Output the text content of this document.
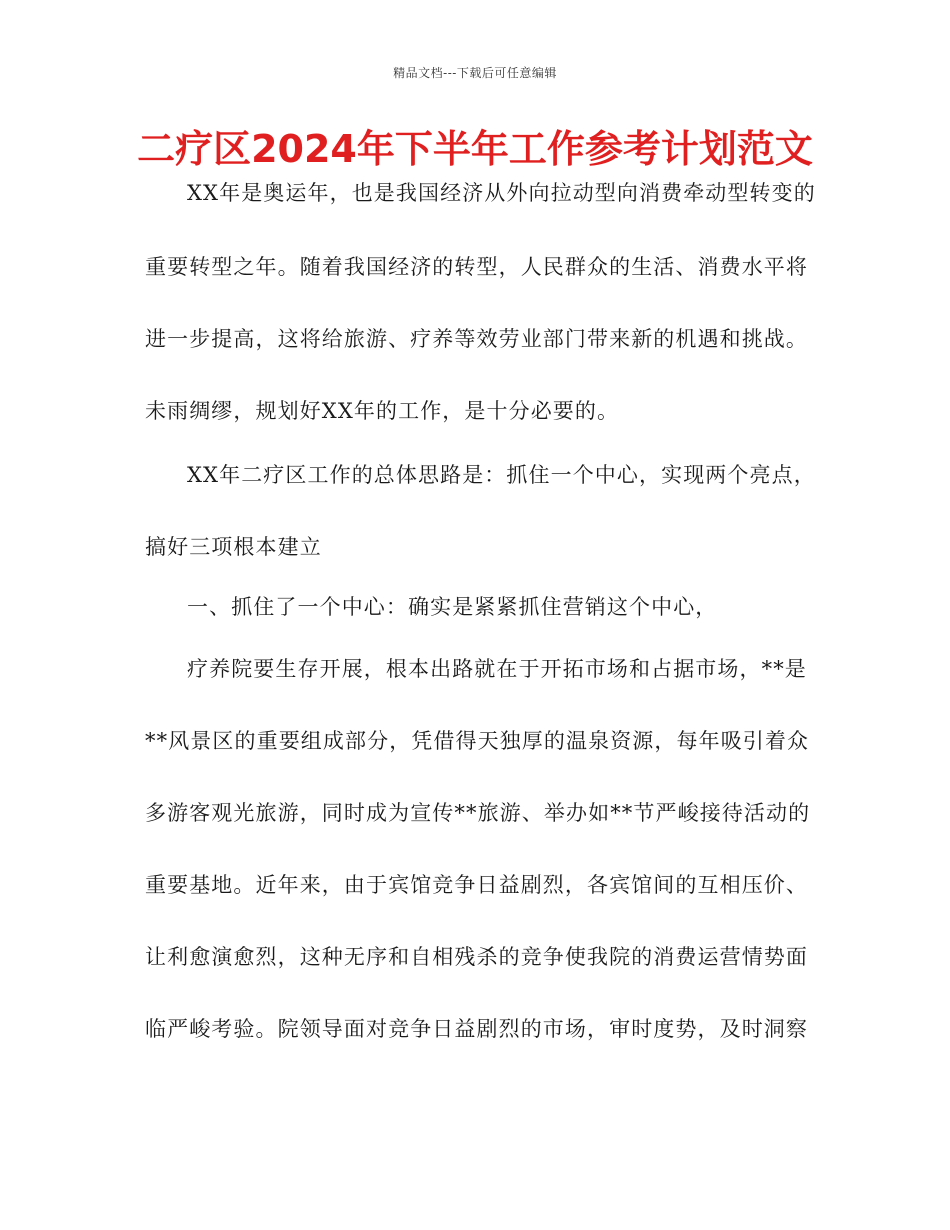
精品文档---下载后可任意编辑
二疗区2024年下半年工作参考计划范文
XX年是奥运年，也是我国经济从外向拉动型向消费牵动型转变的
重要转型之年。随着我国经济的转型，人民群众的生活、消费水平将
进一步提高，这将给旅游、疗养等效劳业部门带来新的机遇和挑战。
未雨绸缪，规划好XX年的工作，是十分必要的。
XX年二疗区工作的总体思路是：抓住一个中心，实现两个亮点，
搞好三项根本建立
一、抓住了一个中心：确实是紧紧抓住营销这个中心，
疗养院要生存开展，根本出路就在于开拓市场和占据市场，**是
**风景区的重要组成部分，凭借得天独厚的温泉资源，每年吸引着众
多游客观光旅游，同时成为宣传**旅游、举办如**节严峻接待活动的
重要基地。近年来，由于宾馆竞争日益剧烈，各宾馆间的互相压价、
让利愈演愈烈，这种无序和自相残杀的竞争使我院的消费运营情势面
临严峻考验。院领导面对竞争日益剧烈的市场，审时度势，及时洞察
